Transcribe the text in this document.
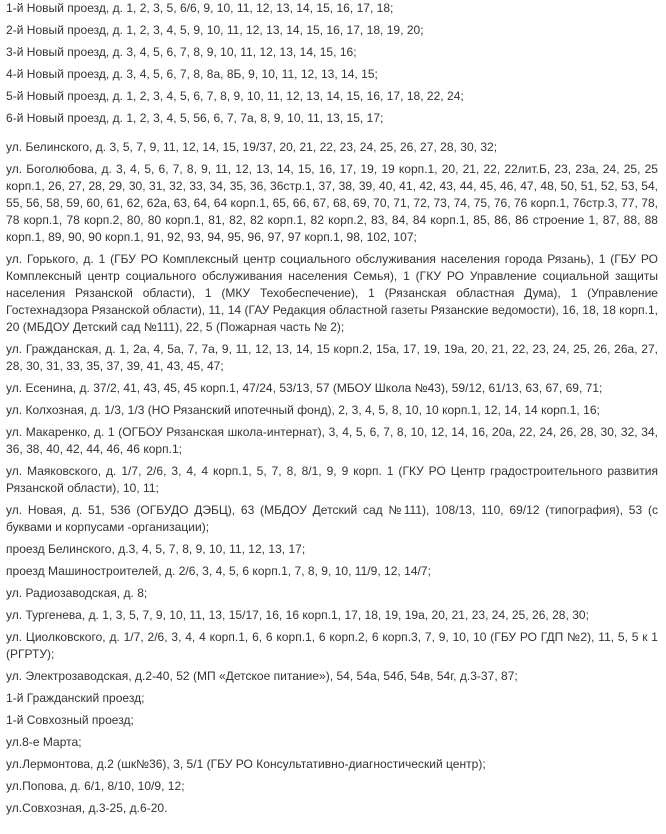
1-й Новый проезд, д. 1, 2, 3, 5, 6/6, 9, 10, 11, 12, 13, 14, 15, 16, 17, 18;

2-й Новый проезд, д. 1, 2, 3, 4, 5, 9, 10, 11, 12, 13, 14, 15, 16, 17, 18, 19, 20;

3-й Новый проезд, д. 3, 4, 5, 6, 7, 8, 9, 10, 11, 12, 13, 14, 15, 16;

4-й Новый проезд, д. 3, 4, 5, 6, 7, 8, 8а, 8Б, 9, 10, 11, 12, 13, 14, 15;

5-й Новый проезд, д. 1, 2, 3, 4, 5, 6, 7, 8, 9, 10, 11, 12, 13, 14, 15, 16, 17, 18, 22, 24;

6-й Новый проезд, д. 1, 2, 3, 4, 5, 56, 6, 7, 7а, 8, 9, 10, 11, 13, 15, 17;

ул. Белинского, д. 3, 5, 7, 9, 11, 12, 14, 15, 19/37, 20, 21, 22, 23, 24, 25, 26, 27, 28, 30, 32;

ул. Боголюбова, д. 3, 4, 5, 6, 7, 8, 9, 11, 12, 13, 14, 15, 16, 17, 19, 19 корп.1, 20, 21, 22, 22лит.Б, 23, 23а, 24, 25, 25 корп.1, 26, 27, 28, 29, 30, 31, 32, 33, 34, 35, 36, 36стр.1, 37, 38, 39, 40, 41, 42, 43, 44, 45, 46, 47, 48, 50, 51, 52, 53, 54, 55, 56, 58, 59, 60, 61, 62, 62а, 63, 64, 64 корп.1, 65, 66, 67, 68, 69, 70, 71, 72, 73, 74, 75, 76, 76 корп.1, 76стр.3, 77, 78, 78 корп.1, 78 корп.2, 80, 80 корп.1, 81, 82, 82 корп.1, 82 корп.2, 83, 84, 84 корп.1, 85, 86, 86 строение 1, 87, 88, 88 корп.1, 89, 90, 90 корп.1, 91, 92, 93, 94, 95, 96, 97, 97 корп.1, 98, 102, 107;

ул. Горького, д. 1 (ГБУ РО Комплексный центр социального обслуживания населения города Рязань), 1 (ГБУ РО Комплексный центр социального обслуживания населения Семья), 1 (ГКУ РО Управление социальной защиты населения Рязанской области), 1 (МКУ Техобеспечение), 1 (Рязанская областная Дума), 1 (Управление Гостехнадзора Рязанской области), 11, 14 (ГАУ Редакция областной газеты Рязанские ведомости), 16, 18, 18 корп.1, 20 (МБДОУ Детский сад №111), 22, 5 (Пожарная часть № 2);

ул. Гражданская, д. 1, 2а, 4, 5а, 7, 7а, 9, 11, 12, 13, 14, 15 корп.2, 15а, 17, 19, 19а, 20, 21, 22, 23, 24, 25, 26, 26а, 27, 28, 30, 31, 33, 35, 37, 39, 41, 43, 45, 47;

ул. Есенина, д. 37/2, 41, 43, 45, 45 корп.1, 47/24, 53/13, 57 (МБОУ Школа №43), 59/12, 61/13, 63, 67, 69, 71;

ул. Колхозная, д. 1/3, 1/3 (НО Рязанский ипотечный фонд), 2, 3, 4, 5, 8, 10, 10 корп.1, 12, 14, 14 корп.1, 16;

ул. Макаренко, д. 1 (ОГБОУ Рязанская школа-интернат), 3, 4, 5, 6, 7, 8, 10, 12, 14, 16, 20а, 22, 24, 26, 28, 30, 32, 34, 36, 38, 40, 42, 44, 46, 46 корп.1;

ул. Маяковского, д. 1/7, 2/6, 3, 4, 4 корп.1, 5, 7, 8, 8/1, 9, 9 корп. 1 (ГКУ РО Центр градостроительного развития Рязанской области), 10, 11;

ул. Новая, д. 51, 536 (ОГБУДО ДЭБЦ), 63 (МБДОУ Детский сад №111), 108/13, 110, 69/12 (типография), 53 (с буквами и корпусами -организации);

проезд Белинского, д.3, 4, 5, 7, 8, 9, 10, 11, 12, 13, 17;

проезд Машиностроителей, д. 2/6, 3, 4, 5, 6 корп.1, 7, 8, 9, 10, 11/9, 12, 14/7;

ул. Радиозаводская, д. 8;

ул. Тургенева, д. 1, 3, 5, 7, 9, 10, 11, 13, 15/17, 16, 16 корп.1, 17, 18, 19, 19а, 20, 21, 23, 24, 25, 26, 28, 30;

ул. Циолковского, д. 1/7, 2/6, 3, 4, 4 корп.1, 6, 6 корп.1, 6 корп.2, 6 корп.3, 7, 9, 10, 10 (ГБУ РО ГДП №2), 11, 5, 5 к 1 (РГРТУ);

ул. Электрозаводская, д.2-40, 52 (МП «Детское питание»), 54, 54а, 54б, 54в, 54г, д.3-37, 87;

1-й Гражданский проезд;

1-й Совхозный проезд;

ул.8-е Марта;

ул.Лермонтова, д.2 (шк№36), 3, 5/1 (ГБУ РО Консультативно-диагностический центр);

ул.Попова, д. 6/1, 8/10, 10/9, 12;

ул.Совхозная, д.3-25, д.6-20.
